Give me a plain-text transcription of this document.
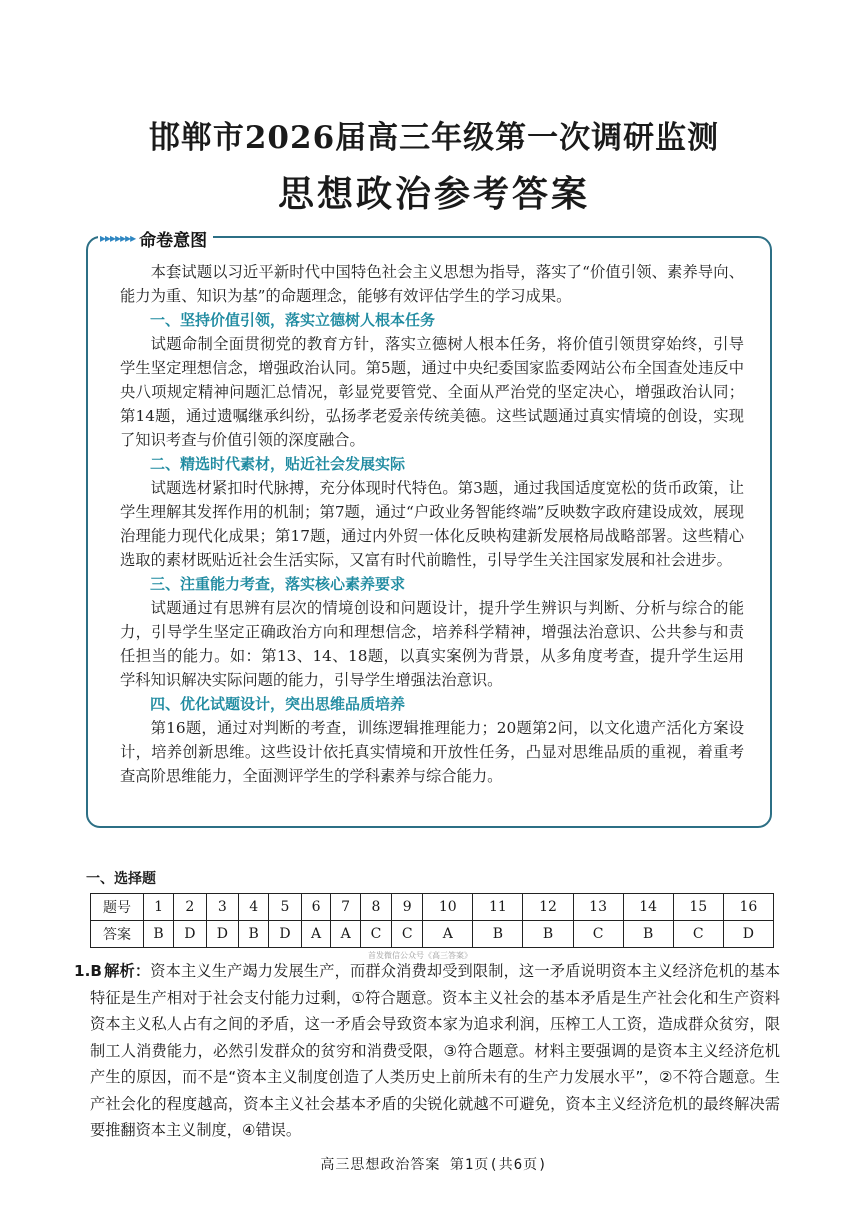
邯郸市2026届高三年级第一次调研监测
思想政治参考答案
▸▸▸▸▸▸▸ 命卷意图

本套试题以习近平新时代中国特色社会主义思想为指导，落实了“价值引领、素养导向、能力为重、知识为基”的命题理念，能够有效评估学生的学习成果。

一、坚持价值引领，落实立德树人根本任务

试题命制全面贯彻党的教育方针，落实立德树人根本任务，将价值引领贯穿始终，引导学生坚定理想信念，增强政治认同。第5题，通过中央纪委国家监委网站公布全国查处违反中央八项规定精神问题汇总情况，彰显党要管党、全面从严治党的坚定决心，增强政治认同；第14题，通过遗嘱继承纠纷，弘扬孝老爱亲传统美德。这些试题通过真实情境的创设，实现了知识考查与价值引领的深度融合。

二、精选时代素材，贴近社会发展实际

试题选材紧扣时代脉搏，充分体现时代特色。第3题，通过我国适度宽松的货币政策，让学生理解其发挥作用的机制；第7题，通过“户政业务智能终端”反映数字政府建设成效，展现治理能力现代化成果；第17题，通过内外贸一体化反映构建新发展格局战略部署。这些精心选取的素材既贴近社会生活实际，又富有时代前瞻性，引导学生关注国家发展和社会进步。

三、注重能力考查，落实核心素养要求

试题通过有思辨有层次的情境创设和问题设计，提升学生辨识与判断、分析与综合的能力，引导学生坚定正确政治方向和理想信念，培养科学精神，增强法治意识、公共参与和责任担当的能力。如：第13、14、18题，以真实案例为背景，从多角度考查，提升学生运用学科知识解决实际问题的能力，引导学生增强法治意识。

四、优化试题设计，突出思维品质培养

第16题，通过对判断的考查，训练逻辑推理能力；20题第2问，以文化遗产活化方案设计，培养创新思维。这些设计依托真实情境和开放性任务，凸显对思维品质的重视，着重考查高阶思维能力，全面测评学生的学科素养与综合能力。

一、选择题
题号	1	2	3	4	5	6	7	8	9	10	11	12	13	14	15	16
答案	B	D	D	B	D	A	A	C	C	A	B	B	C	B	C	D
首发微信公众号《高三答案》
1.B 解析：资本主义生产竭力发展生产，而群众消费却受到限制，这一矛盾说明资本主义经济危机的基本特征是生产相对于社会支付能力过剩，①符合题意。资本主义社会的基本矛盾是生产社会化和生产资料资本主义私人占有之间的矛盾，这一矛盾会导致资本家为追求利润，压榨工人工资，造成群众贫穷，限制工人消费能力，必然引发群众的贫穷和消费受限，③符合题意。材料主要强调的是资本主义经济危机产生的原因，而不是“资本主义制度创造了人类历史上前所未有的生产力发展水平”，②不符合题意。生产社会化的程度越高，资本主义社会基本矛盾的尖锐化就越不可避免，资本主义经济危机的最终解决需要推翻资本主义制度，④错误。
高三思想政治答案 第1页(共6页)
